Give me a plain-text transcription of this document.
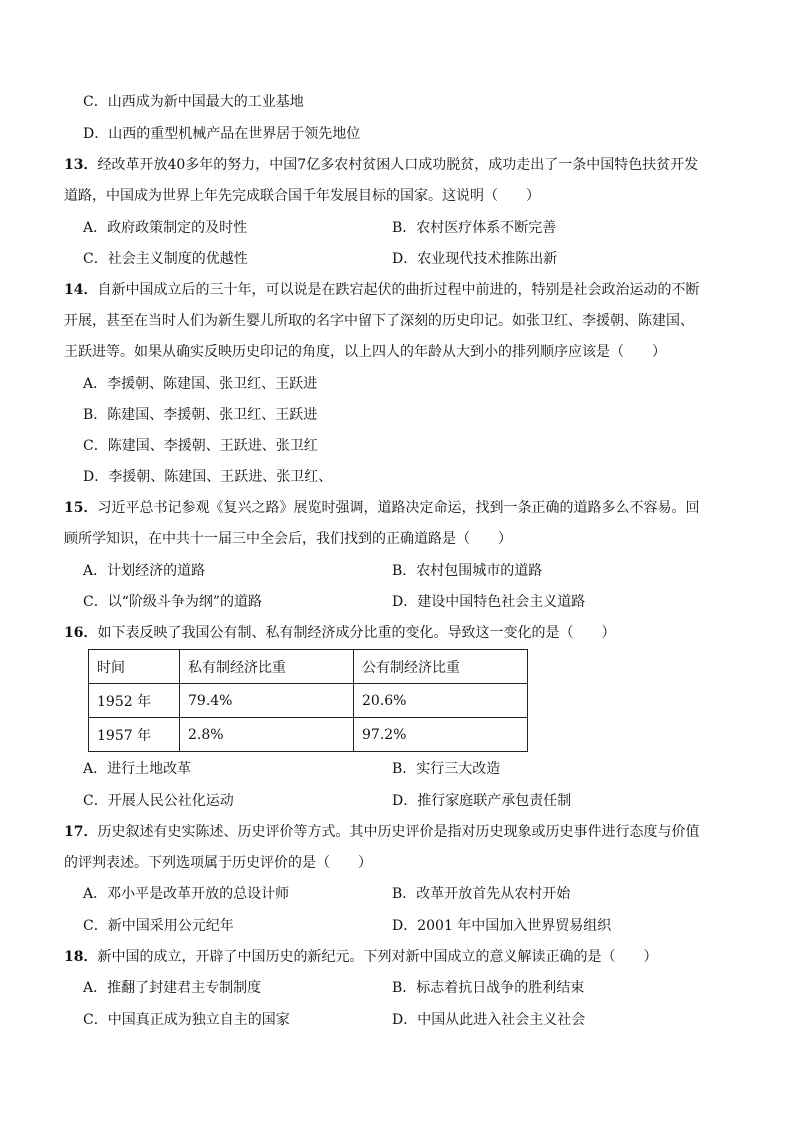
C．山西成为新中国最大的工业基地
D．山西的重型机械产品在世界居于领先地位
13．经改革开放40多年的努力，中国7亿多农村贫困人口成功脱贫，成功走出了一条中国特色扶贫开发
道路，中国成为世界上年先完成联合国千年发展目标的国家。这说明（　　）
A．政府政策制定的及时性	B．农村医疗体系不断完善
C．社会主义制度的优越性	D．农业现代技术推陈出新
14．自新中国成立后的三十年，可以说是在跌宕起伏的曲折过程中前进的，特别是社会政治运动的不断
开展，甚至在当时人们为新生婴儿所取的名字中留下了深刻的历史印记。如张卫红、李援朝、陈建国、
王跃进等。如果从确实反映历史印记的角度，以上四人的年龄从大到小的排列顺序应该是（　　）
A．李援朝、陈建国、张卫红、王跃进
B．陈建国、李援朝、张卫红、王跃进
C．陈建国、李援朝、王跃进、张卫红
D．李援朝、陈建国、王跃进、张卫红、
15．习近平总书记参观《复兴之路》展览时强调，道路决定命运，找到一条正确的道路多么不容易。回
顾所学知识，在中共十一届三中全会后，我们找到的正确道路是（　　）
A．计划经济的道路	B．农村包围城市的道路
C．以“阶级斗争为纲”的道路	D．建设中国特色社会主义道路
16．如下表反映了我国公有制、私有制经济成分比重的变化。导致这一变化的是（　　）
时间	私有制经济比重	公有制经济比重
1952 年	79.4%	20.6%
1957 年	2.8%	97.2%
A．进行土地改革	B．实行三大改造
C．开展人民公社化运动	D．推行家庭联产承包责任制
17．历史叙述有史实陈述、历史评价等方式。其中历史评价是指对历史现象或历史事件进行态度与价值
的评判表述。下列选项属于历史评价的是（　　）
A．邓小平是改革开放的总设计师	B．改革开放首先从农村开始
C．新中国采用公元纪年	D．2001 年中国加入世界贸易组织
18．新中国的成立，开辟了中国历史的新纪元。下列对新中国成立的意义解读正确的是（　　）
A．推翻了封建君主专制制度	B．标志着抗日战争的胜利结束
C．中国真正成为独立自主的国家	D．中国从此进入社会主义社会
